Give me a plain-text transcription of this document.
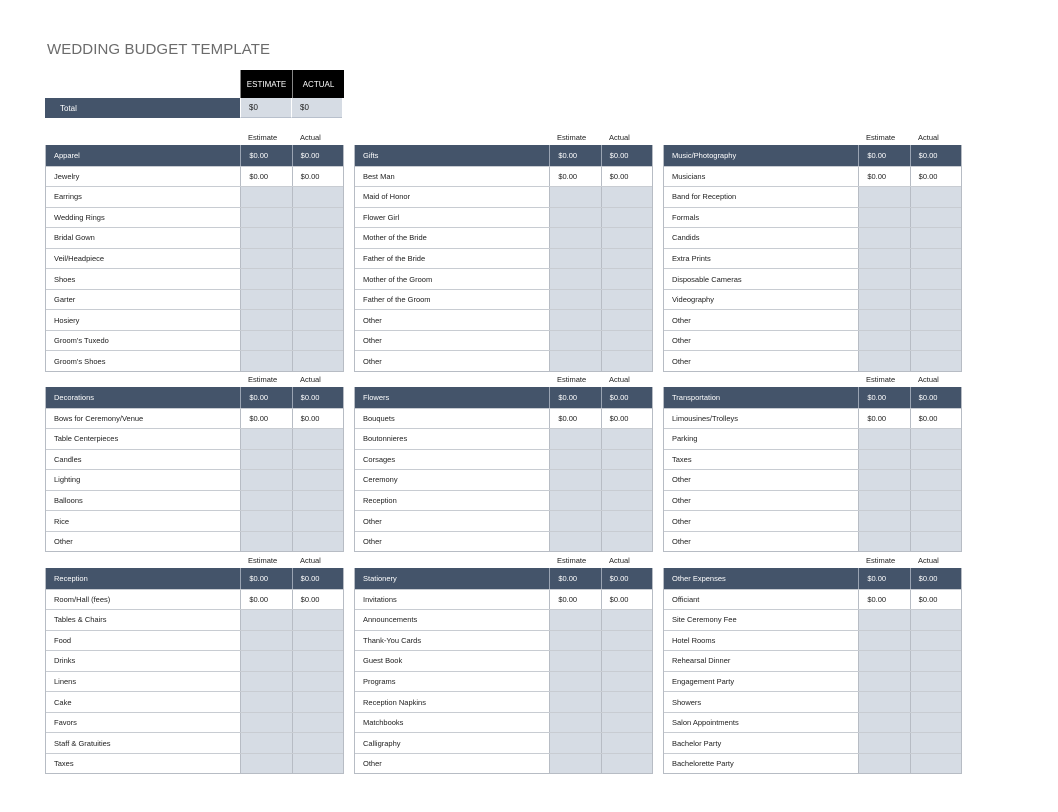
WEDDING BUDGET TEMPLATE
ESTIMATE	ACTUAL
Total	$0	$0
Estimate	Actual
Apparel	$0.00	$0.00
Jewelry	$0.00	$0.00
Earrings
Wedding Rings
Bridal Gown
Veil/Headpiece
Shoes
Garter
Hosiery
Groom's Tuxedo
Groom's Shoes
Estimate	Actual
Gifts	$0.00	$0.00
Best Man	$0.00	$0.00
Maid of Honor
Flower Girl
Mother of the Bride
Father of the Bride
Mother of the Groom
Father of the Groom
Other
Other
Other
Estimate	Actual
Music/Photography	$0.00	$0.00
Musicians	$0.00	$0.00
Band for Reception
Formals
Candids
Extra Prints
Disposable Cameras
Videography
Other
Other
Other
Estimate	Actual
Decorations	$0.00	$0.00
Bows for Ceremony/Venue	$0.00	$0.00
Table Centerpieces
Candles
Lighting
Balloons
Rice
Other
Estimate	Actual
Flowers	$0.00	$0.00
Bouquets	$0.00	$0.00
Boutonnieres
Corsages
Ceremony
Reception
Other
Other
Estimate	Actual
Transportation	$0.00	$0.00
Limousines/Trolleys	$0.00	$0.00
Parking
Taxes
Other
Other
Other
Other
Estimate	Actual
Reception	$0.00	$0.00
Room/Hall (fees)	$0.00	$0.00
Tables & Chairs
Food
Drinks
Linens
Cake
Favors
Staff & Gratuities
Taxes
Estimate	Actual
Stationery	$0.00	$0.00
Invitations	$0.00	$0.00
Announcements
Thank-You Cards
Guest Book
Programs
Reception Napkins
Matchbooks
Calligraphy
Other
Estimate	Actual
Other Expenses	$0.00	$0.00
Officiant	$0.00	$0.00
Site Ceremony Fee
Hotel Rooms
Rehearsal Dinner
Engagement Party
Showers
Salon Appointments
Bachelor Party
Bachelorette Party
